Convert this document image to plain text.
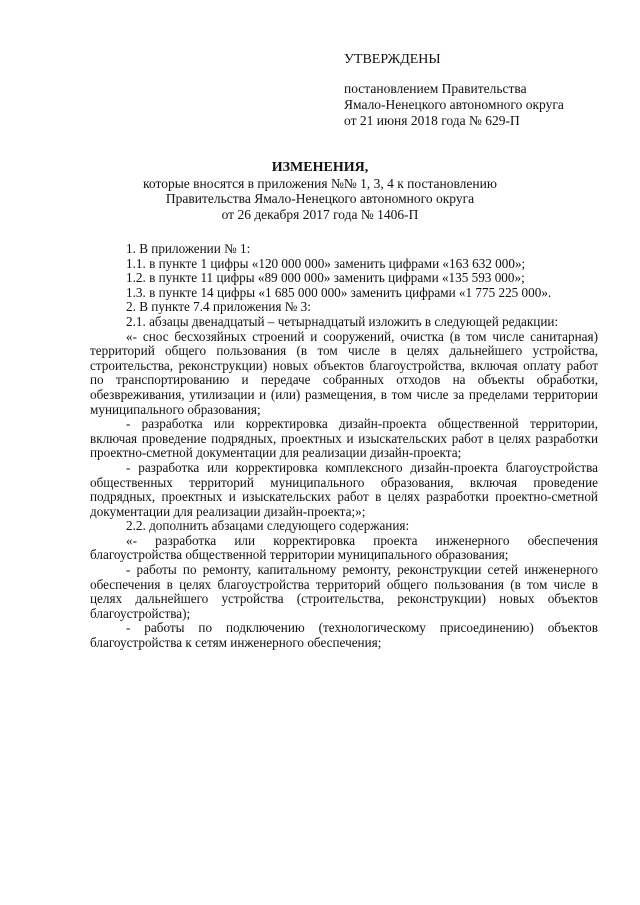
УТВЕРЖДЕНЫ
постановлением Правительства
Ямало-Ненецкого автономного округа
от 21 июня 2018 года № 629-П
ИЗМЕНЕНИЯ,
которые вносятся в приложения №№ 1, 3, 4 к постановлению
Правительства Ямало-Ненецкого автономного округа
от 26 декабря 2017 года № 1406-П

1. В приложении № 1:

1.1. в пункте 1 цифры «120 000 000» заменить цифрами «163 632 000»;

1.2. в пункте 11 цифры «89 000 000» заменить цифрами «135 593 000»;

1.3. в пункте 14 цифры «1 685 000 000» заменить цифрами «1 775 225 000».

2. В пункте 7.4 приложения № 3:

2.1. абзацы двенадцатый – четырнадцатый изложить в следующей редакции:

«- снос бесхозяйных строений и сооружений, очистка (в том числе санитарная) территорий общего пользования (в том числе в целях дальнейшего устройства, строительства, реконструкции) новых объектов благоустройства, включая оплату работ по транспортированию и передаче собранных отходов на объекты обработки, обезвреживания, утилизации и (или) размещения, в том числе за пределами территории муниципального образования;

- разработка или корректировка дизайн-проекта общественной территории, включая проведение подрядных, проектных и изыскательских работ в целях разработки проектно-сметной документации для реализации дизайн-проекта;

- разработка или корректировка комплексного дизайн-проекта благоустройства общественных территорий муниципального образования, включая проведение подрядных, проектных и изыскательских работ в целях разработки проектно-сметной документации для реализации дизайн-проекта;»;

2.2. дополнить абзацами следующего содержания:

«- разработка или корректировка проекта инженерного обеспечения благоустройства общественной территории муниципального образования;

- работы по ремонту, капитальному ремонту, реконструкции сетей инженерного обеспечения в целях благоустройства территорий общего пользования (в том числе в целях дальнейшего устройства (строительства, реконструкции) новых объектов благоустройства);

- работы по подключению (технологическому присоединению) объектов благоустройства к сетям инженерного обеспечения;
